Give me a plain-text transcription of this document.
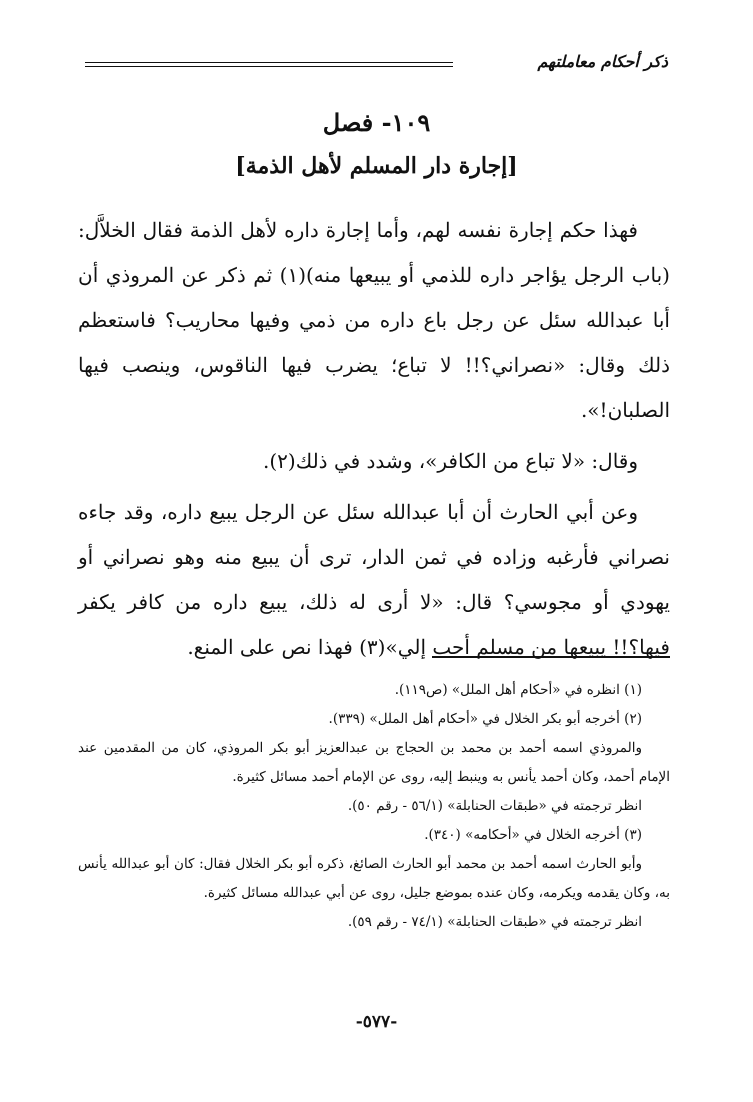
ذكر أحكام معاملتهم
١٠٩- فصل
[إجارة دار المسلم لأهل الذمة]

فهذا حكم إجارة نفسه لهم، وأما إجارة داره لأهل الذمة فقال الخلاَّل: (باب الرجل يؤاجر داره للذمي أو يبيعها منه)(١) ثم ذكر عن المروذي أن أبا عبدالله سئل عن رجل باع داره من ذمي وفيها محاريب؟ فاستعظم ذلك وقال: «نصراني؟!! لا تباع؛ يضرب فيها الناقوس، وينصب فيها الصلبان!».

وقال: «لا تباع من الكافر»، وشدد في ذلك(٢).

وعن أبي الحارث أن أبا عبدالله سئل عن الرجل يبيع داره، وقد جاءه نصراني فأرغبه وزاده في ثمن الدار، ترى أن يبيع منه وهو نصراني أو يهودي أو مجوسي؟ قال: «لا أرى له ذلك، يبيع داره من كافر يكفر فيها؟!! يبيعها من مسلم أحب إلي»(٣) فهذا نص على المنع.

(١) انظره في «أحكام أهل الملل» (ص١١٩).

(٢) أخرجه أبو بكر الخلال في «أحكام أهل الملل» (٣٣٩).

والمروذي اسمه أحمد بن محمد بن الحجاج بن عبدالعزيز أبو بكر المروذي، كان من المقدمين عند الإمام أحمد، وكان أحمد يأنس به وينبط إليه، روى عن الإمام أحمد مسائل كثيرة.

انظر ترجمته في «طبقات الحنابلة» (٥٦/١ - رقم ٥٠).

(٣) أخرجه الخلال في «أحكامه» (٣٤٠).

وأبو الحارث اسمه أحمد بن محمد أبو الحارث الصائغ، ذكره أبو بكر الخلال فقال: كان أبو عبدالله يأنس به، وكان يقدمه ويكرمه، وكان عنده بموضع جليل، روى عن أبي عبدالله مسائل كثيرة.

انظر ترجمته في «طبقات الحنابلة» (٧٤/١ - رقم ٥٩).

-٥٧٧-
